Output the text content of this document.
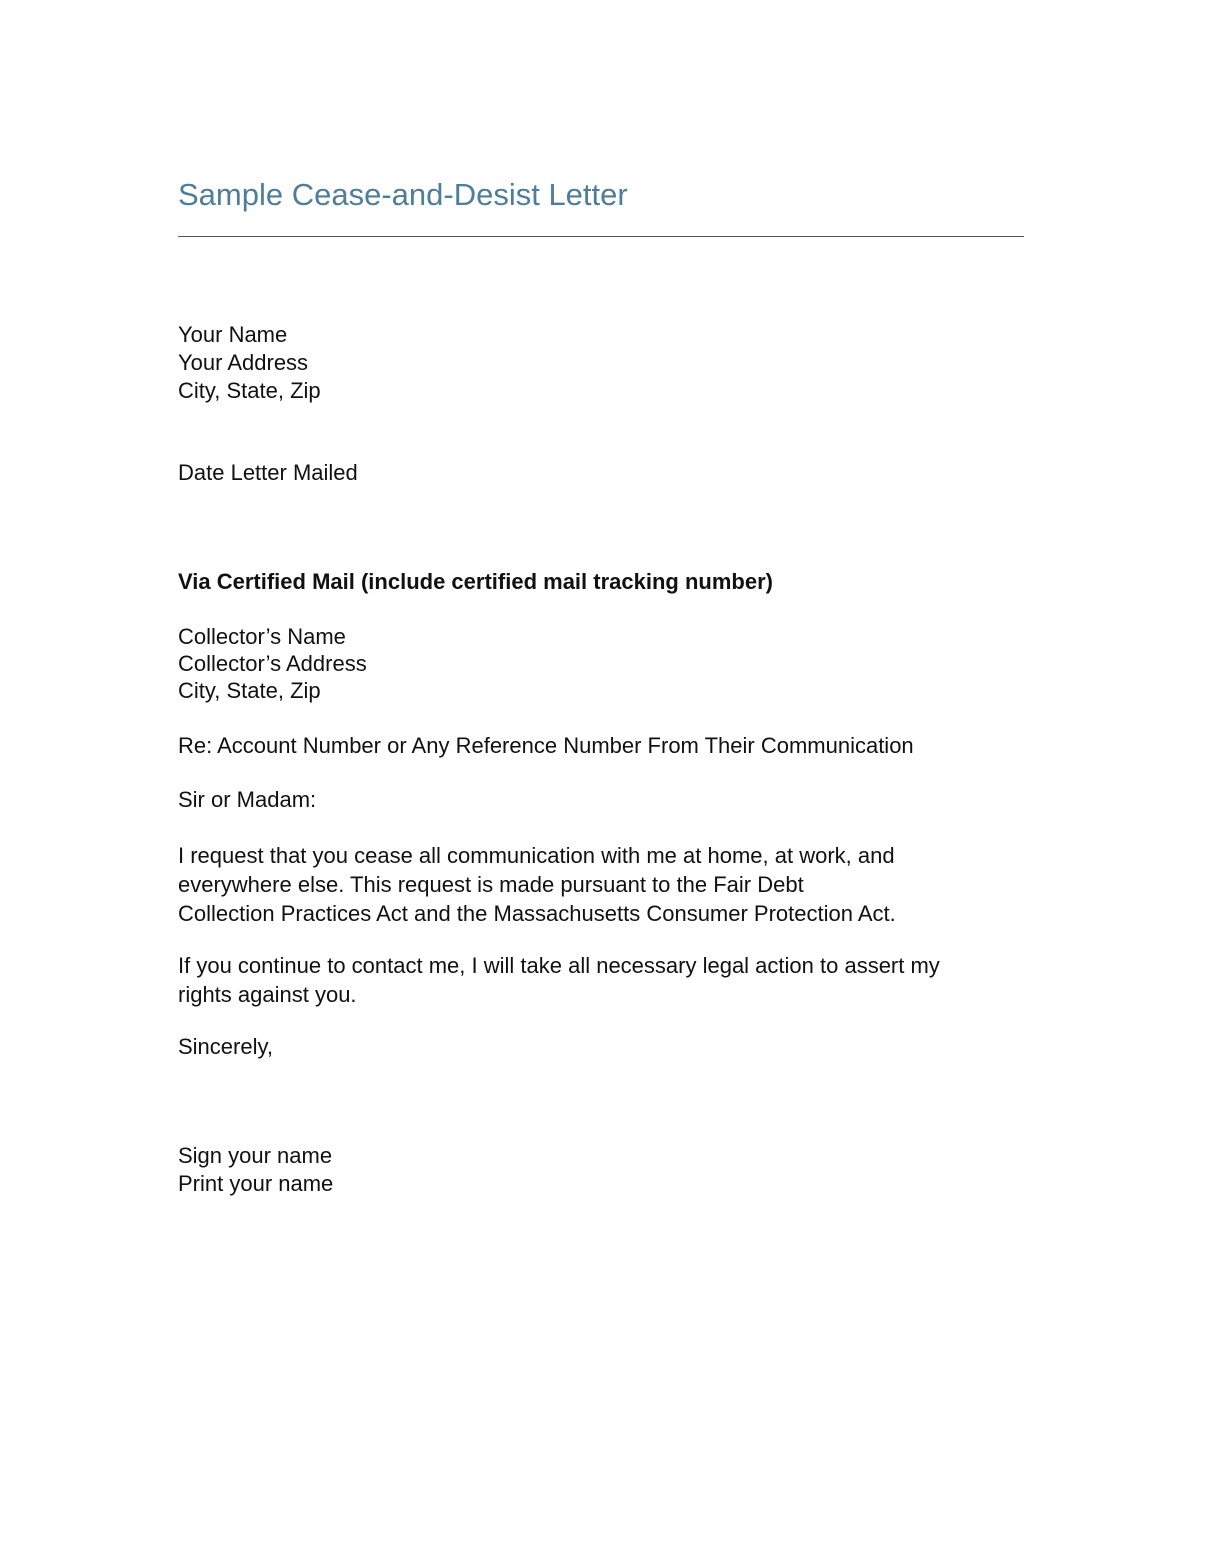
Sample Cease-and-Desist Letter
Your Name
Your Address
City, State, Zip
Date Letter Mailed
Via Certified Mail (include certified mail tracking number)
Collector’s Name
Collector’s Address
City, State, Zip
Re: Account Number or Any Reference Number From Their Communication
Sir or Madam:
I request that you cease all communication with me at home, at work, and
everywhere else. This request is made pursuant to the Fair Debt
Collection Practices Act and the Massachusetts Consumer Protection Act.
If you continue to contact me, I will take all necessary legal action to assert my
rights against you.
Sincerely,
Sign your name
Print your name
